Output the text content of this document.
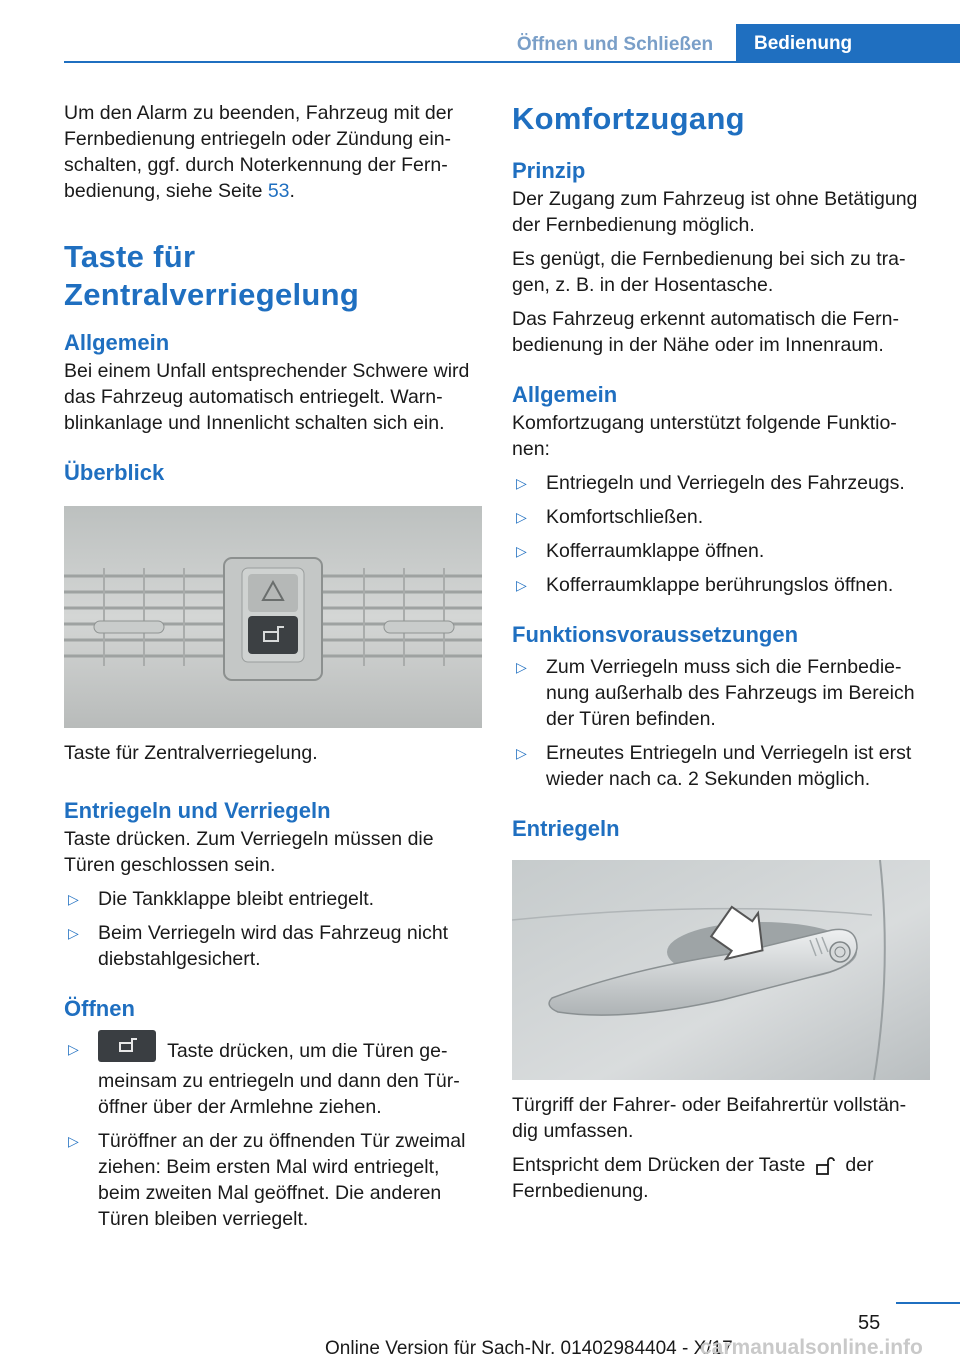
Öffnen und Schließen	Bedienung

Um den Alarm zu beenden, Fahrzeug mit der Fernbedienung entriegeln oder Zündung ein-schalten, ggf. durch Noterkennung der Fern-bedienung, siehe Seite 53.

Taste für Zentralverriegelung
Allgemein

Bei einem Unfall entsprechender Schwere wird das Fahrzeug automatisch entriegelt. Warn-blinkanlage und Innenlicht schalten sich ein.

Überblick

Taste für Zentralverriegelung.

Entriegeln und Verriegeln

Taste drücken. Zum Verriegeln müssen die Türen geschlossen sein.

▷ Die Tankklappe bleibt entriegelt.
▷ Beim Verriegeln wird das Fahrzeug nicht diebstahlgesichert.
Öffnen
▷	Taste drücken, um die Türen ge-meinsam zu entriegeln und dann den Tür-öffner über der Armlehne ziehen.
▷ Türöffner an der zu öffnenden Tür zweimal ziehen: Beim ersten Mal wird entriegelt, beim zweiten Mal geöffnet. Die anderen Türen bleiben verriegelt.
Komfortzugang
Prinzip

Der Zugang zum Fahrzeug ist ohne Betätigung der Fernbedienung möglich.

Es genügt, die Fernbedienung bei sich zu tra-gen, z. B. in der Hosentasche.

Das Fahrzeug erkennt automatisch die Fern-bedienung in der Nähe oder im Innenraum.

Allgemein

Komfortzugang unterstützt folgende Funktio-nen:

▷ Entriegeln und Verriegeln des Fahrzeugs.
▷ Komfortschließen.
▷ Kofferraumklappe öffnen.
▷ Kofferraumklappe berührungslos öffnen.
Funktionsvoraussetzungen
▷ Zum Verriegeln muss sich die Fernbedie-nung außerhalb des Fahrzeugs im Bereich der Türen befinden.
▷ Erneutes Entriegeln und Verriegeln ist erst wieder nach ca. 2 Sekunden möglich.
Entriegeln

Türgriff der Fahrer- oder Beifahrertür vollstän-dig umfassen.

Entspricht dem Drücken der Taste der Fernbedienung.

55
Online Version für Sach-Nr. 01402984404 - X/17
carmanualsonline.info
